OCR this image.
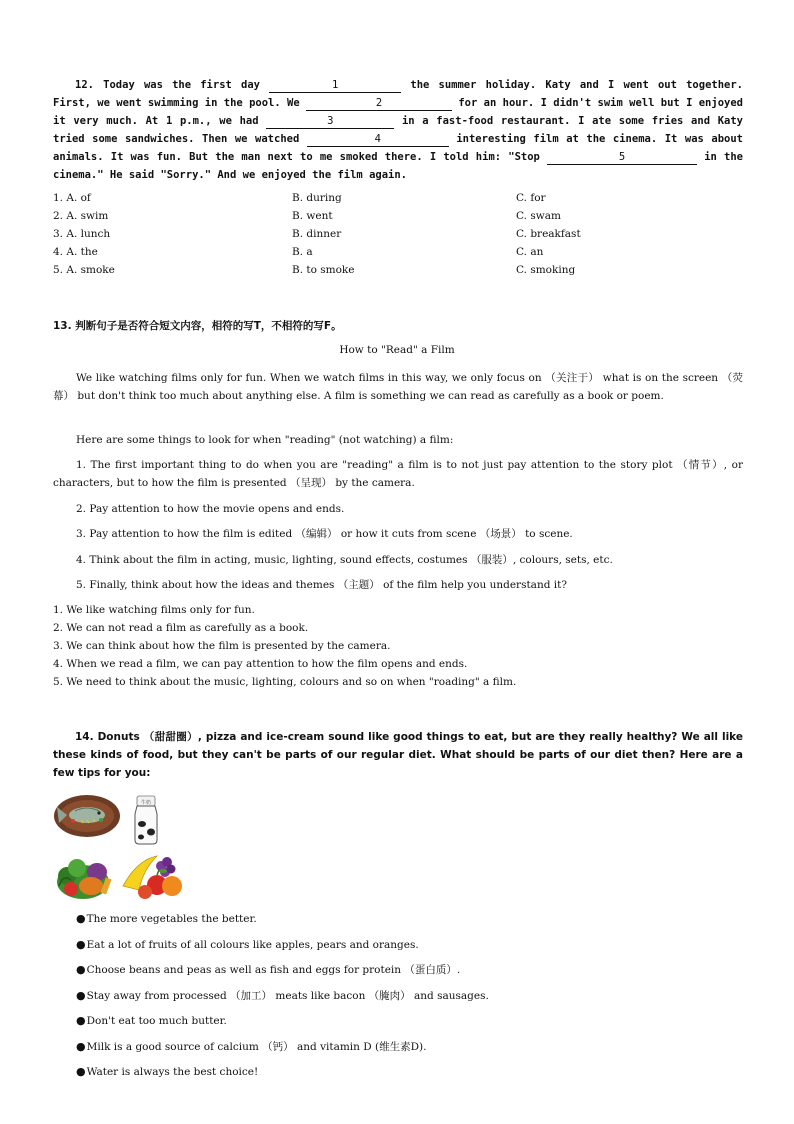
12. Today was the first day	1	the summer holiday. Katy and I went out together. First, we went swimming in the pool. We	2	for an hour. I didn't swim well but I enjoyed it very much. At 1 p.m., we had	3	in a fast-food restaurant. I ate some fries and Katy tried some sandwiches. Then we watched	4	interesting film at the cinema. It was about animals. It was fun. But the man next to me smoked there. I told him: "Stop	5	in the cinema." He said "Sorry." And we enjoyed the film again.
1. A. of	B. during	C. for
2. A. swim	B. went	C. swam
3. A. lunch	B. dinner	C. breakfast
4. A. the	B. a	C. an
5. A. smoke	B. to smoke	C. smoking
13. 判断句子是否符合短文内容，相符的写T，不相符的写F。
How to "Read" a Film
We like watching films only for fun. When we watch films in this way, we only focus on （关注于） what is on the screen （荧幕） but don't think too much about anything else. A film is something we can read as carefully as a book or poem.
Here are some things to look for when "reading" (not watching) a film:
1. The first important thing to do when you are "reading" a film is to not just pay attention to the story plot （情节）, or characters, but to how the film is presented （呈现） by the camera.
2. Pay attention to how the movie opens and ends.
3. Pay attention to how the film is edited （编辑） or how it cuts from scene （场景） to scene.
4. Think about the film in acting, music, lighting, sound effects, costumes （服装）, colours, sets, etc.
5. Finally, think about how the ideas and themes （主题） of the film help you understand it?
1. We like watching films only for fun.
2. We can not read a film as carefully as a book.
3. We can think about how the film is presented by the camera.
4. When we read a film, we can pay attention to how the film opens and ends.
5. We need to think about the music, lighting, colours and so on when "roading" a film.
14. Donuts （甜甜圈）, pizza and ice-cream sound like good things to eat, but are they really healthy? We all like these kinds of food, but they can't be parts of our regular diet. What should be parts of our diet then? Here are a few tips for you:
牛奶
●The more vegetables the better.
●Eat a lot of fruits of all colours like apples, pears and oranges.
●Choose beans and peas as well as fish and eggs for protein （蛋白质）.
●Stay away from processed （加工） meats like bacon （腌肉） and sausages.
●Don't eat too much butter.
●Milk is a good source of calcium （钙） and vitamin D (维生素D).
●Water is always the best choice!
